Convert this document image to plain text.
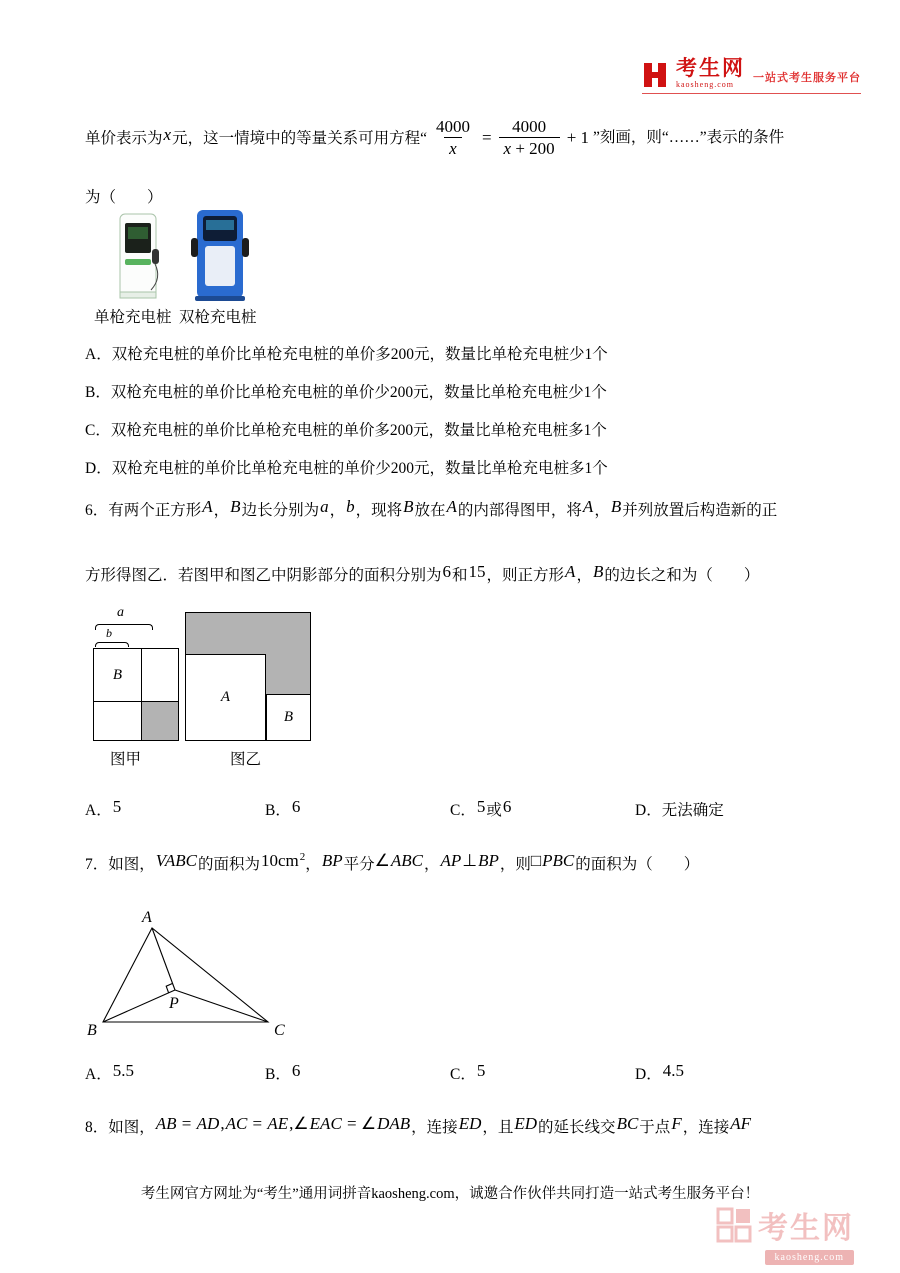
考生网
kaosheng.com
一站式考生服务平台
单价表示为x元，这一情境中的等量关系可用方程“ $\frac{4000}{x} = \frac{4000}{x + 200} + 1$ ”刻画，则“……”表示的条件
为（　　）
单枪充电桩 双枪充电桩
A．双枪充电桩的单价比单枪充电桩的单价多200元，数量比单枪充电桩少1个
B．双枪充电桩的单价比单枪充电桩的单价少200元，数量比单枪充电桩少1个
C．双枪充电桩的单价比单枪充电桩的单价多200元，数量比单枪充电桩多1个
D．双枪充电桩的单价比单枪充电桩的单价少200元，数量比单枪充电桩多1个
6．有两个正方形A，B边长分别为a，b，现将B放在A的内部得图甲，将A，B并列放置后构造新的正
方形得图乙．若图甲和图乙中阴影部分的面积分别为6和15，则正方形A，B的边长之和为（　　）
a
b
B
A
B
图甲	图乙
A．5	B．6	C．5或6	D．无法确定
7．如图，VABC的面积为$10cm^2$，BP平分∠ABC，AP⊥BP，则□PBC的面积为（　　）
A
B	C
P
A．5.5	B．6	C．5	D．4.5
8．如图，AB = AD,AC = AE,∠EAC = ∠DAB，连接ED，且ED的延长线交BC于点F，连接AF
考生网官方网址为“考生”通用词拼音kaosheng.com，诚邀合作伙伴共同打造一站式考生服务平台！
考生网
kaosheng.com
